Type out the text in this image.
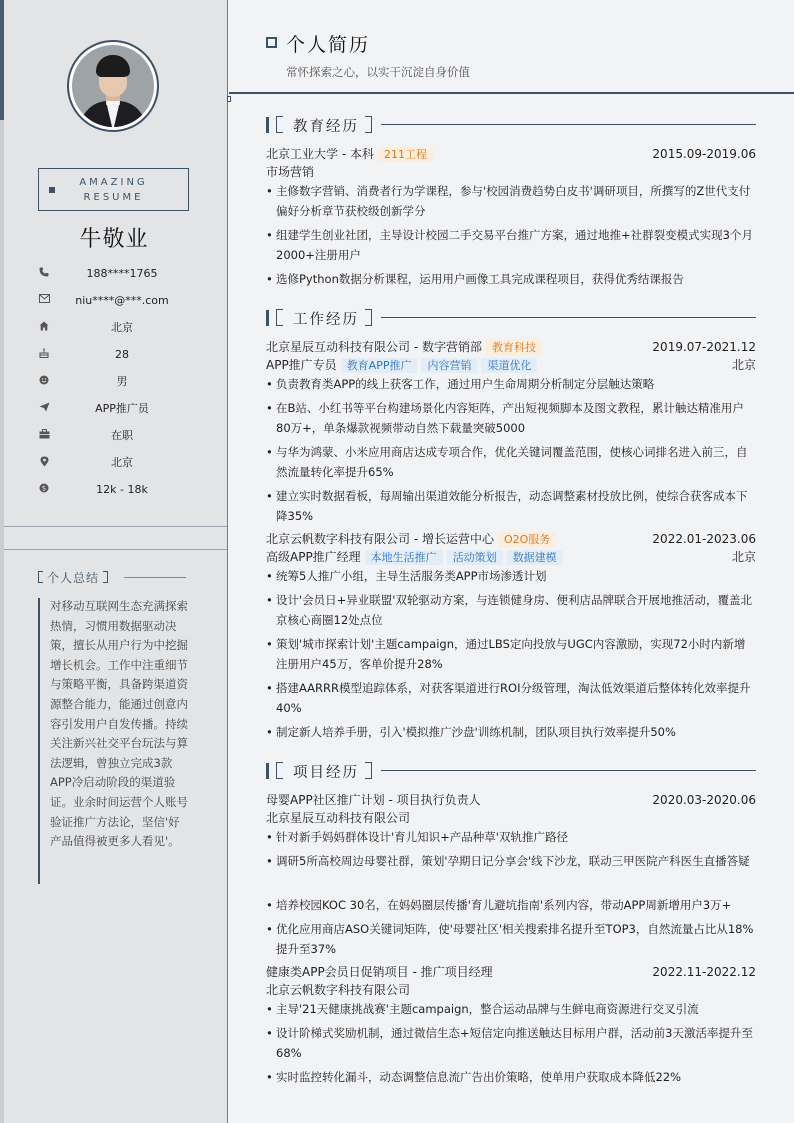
AMAZING
RESUME
牛敬业
188****1765
niu****@***.com
北京
28
男
APP推广员
在职
北京
$	12k - 18k
个人总结
对移动互联网生态充满探索热情，习惯用数据驱动决策，擅长从用户行为中挖掘增长机会。工作中注重细节与策略平衡，具备跨渠道资源整合能力，能通过创意内容引发用户自发传播。持续关注新兴社交平台玩法与算法逻辑，曾独立完成3款APP冷启动阶段的渠道验证。业余时间运营个人账号验证推广方法论，坚信'好产品值得被更多人看见'。
个人简历
常怀探索之心，以实干沉淀自身价值
教育经历
北京工业大学 - 本科 211工程	2015.09-2019.06
市场营销
• 主修数字营销、消费者行为学课程，参与'校园消费趋势白皮书'调研项目，所撰写的Z世代支付偏好分析章节获校级创新学分
• 组建学生创业社团，主导设计校园二手交易平台推广方案，通过地推+社群裂变模式实现3个月2000+注册用户
• 选修Python数据分析课程，运用用户画像工具完成课程项目，获得优秀结课报告
工作经历
北京星辰互动科技有限公司 - 数字营销部 教育科技	2019.07-2021.12
APP推广专员 教育APP推广 内容营销 渠道优化	北京
• 负责教育类APP的线上获客工作，通过用户生命周期分析制定分层触达策略
• 在B站、小红书等平台构建场景化内容矩阵，产出短视频脚本及图文教程，累计触达精准用户80万+，单条爆款视频带动自然下载量突破5000
• 与华为鸿蒙、小米应用商店达成专项合作，优化关键词覆盖范围，使核心词排名进入前三，自然流量转化率提升65%
• 建立实时数据看板，每周输出渠道效能分析报告，动态调整素材投放比例，使综合获客成本下降35%
北京云帆数字科技有限公司 - 增长运营中心 O2O服务	2022.01-2023.06
高级APP推广经理 本地生活推广 活动策划 数据建模	北京
• 统筹5人推广小组，主导生活服务类APP市场渗透计划
• 设计'会员日+异业联盟'双轮驱动方案，与连锁健身房、便利店品牌联合开展地推活动，覆盖北京核心商圈12处点位
• 策划'城市探索计划'主题campaign，通过LBS定向投放与UGC内容激励，实现72小时内新增注册用户45万，客单价提升28%
• 搭建AARRR模型追踪体系，对获客渠道进行ROI分级管理，淘汰低效渠道后整体转化效率提升40%
• 制定新人培养手册，引入'模拟推广沙盘'训练机制，团队项目执行效率提升50%
项目经历
母婴APP社区推广计划 - 项目执行负责人	2020.03-2020.06
北京星辰互动科技有限公司
• 针对新手妈妈群体设计'育儿知识+产品种草'双轨推广路径
• 调研5所高校周边母婴社群，策划'孕期日记分享会'线下沙龙，联动三甲医院产科医生直播答疑
• 培养校园KOC 30名，在妈妈圈层传播'育儿避坑指南'系列内容，带动APP周新增用户3万+
• 优化应用商店ASO关键词矩阵，使'母婴社区'相关搜索排名提升至TOP3，自然流量占比从18%提升至37%
健康类APP会员日促销项目 - 推广项目经理	2022.11-2022.12
北京云帆数字科技有限公司
• 主导'21天健康挑战赛'主题campaign，整合运动品牌与生鲜电商资源进行交叉引流
• 设计阶梯式奖励机制，通过微信生态+短信定向推送触达目标用户群，活动前3天激活率提升至68%
• 实时监控转化漏斗，动态调整信息流广告出价策略，使单用户获取成本降低22%
